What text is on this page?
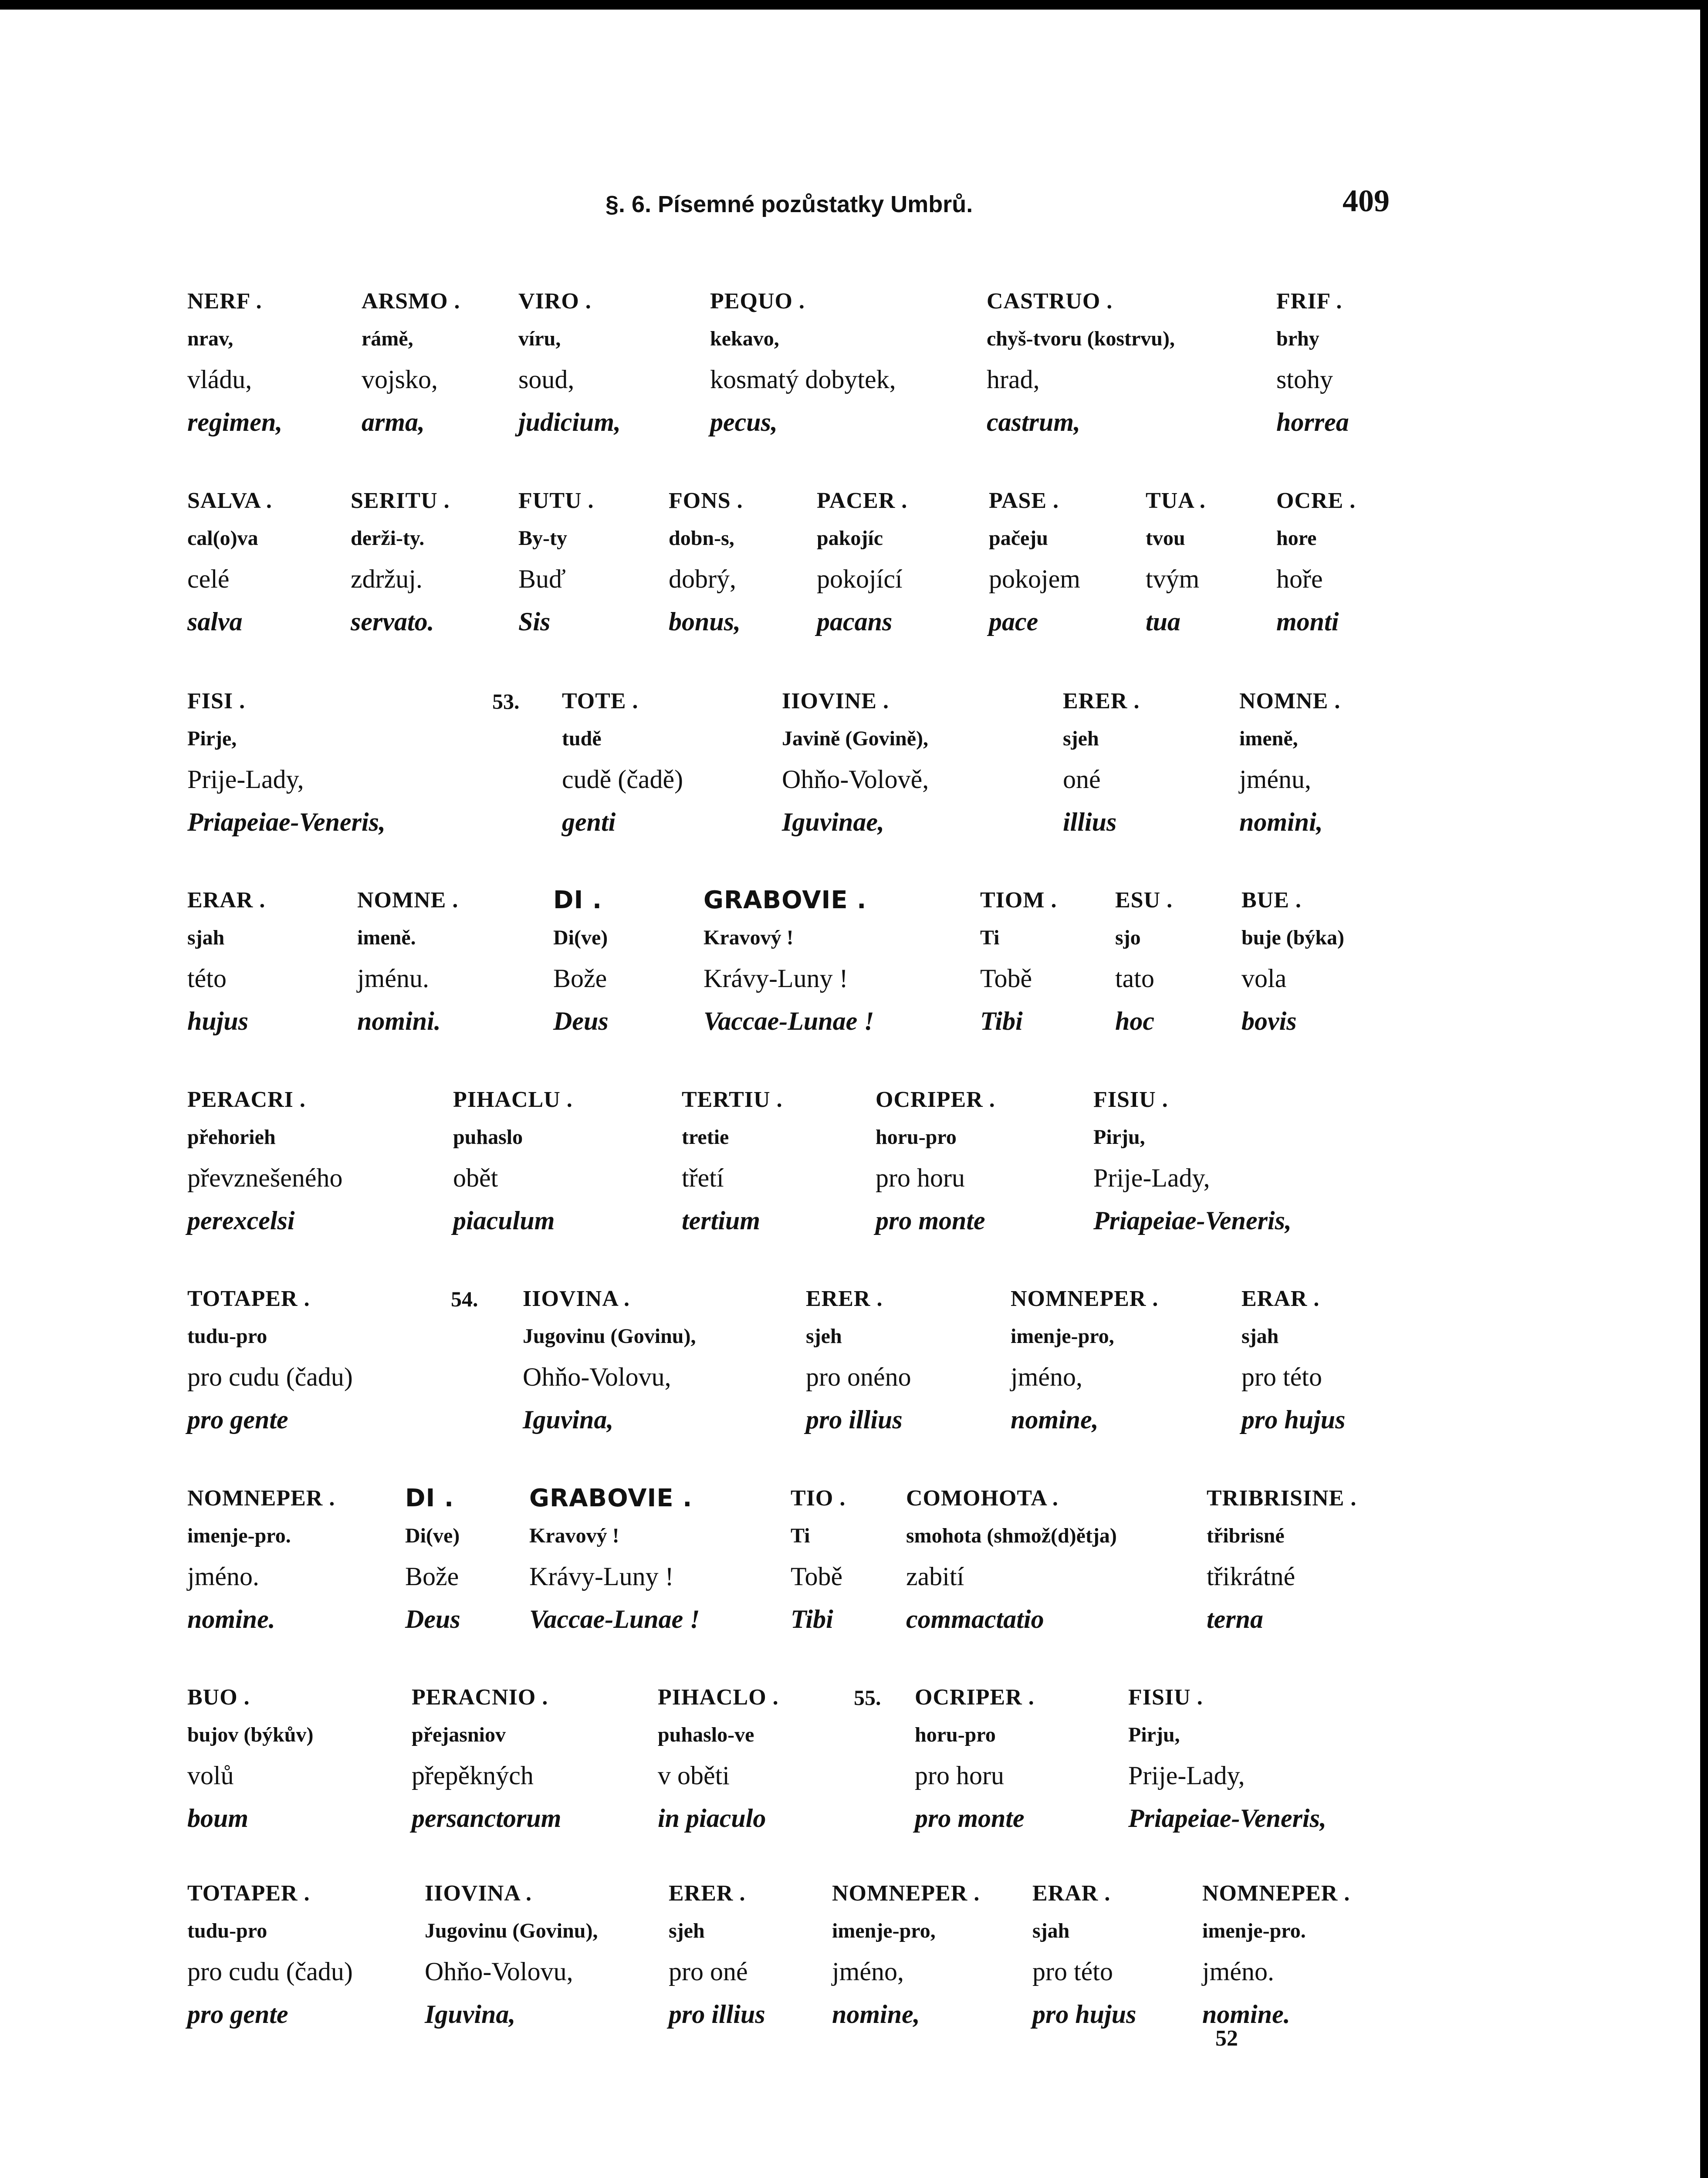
§. 6. Písemné pozůstatky Umbrů.	409
NERF .
nrav,
vládu,
regimen,
ARSMO .
rámě,
vojsko,
arma,
VIRO .
víru,
soud,
judicium,
PEQUO .
kekavo,
kosmatý dobytek,
pecus,
CASTRUO .
chyš-tvoru (kostrvu),
hrad,
castrum,
FRIF .
brhy
stohy
horrea
SALVA .
cal(o)va
celé
salva
SERITU .
derži-ty.
zdržuj.
servato.
FUTU .
By-ty
Buď
Sis
FONS .
dobn-s,
dobrý,
bonus,
PACER .
pakojíc
pokojící
pacans
PASE .
pačeju
pokojem
pace
TUA .
tvou
tvým
tua
OCRE .
hore
hoře
monti
53.
FISI .
Pirje,
Prije-Lady,
Priapeiae-Veneris,
TOTE .
tudě
cudě (čadě)
genti
IIOVINE .
Javině (Govině),
Ohňo-Volově,
Iguvinae,
ERER .
sjeh
oné
illius
NOMNE .
imeně,
jménu,
nomini,
ERAR .
sjah
této
hujus
NOMNE .
imeně.
jménu.
nomini.
DI .
Di(ve)
Bože
Deus
GRABOVIE .
Kravový !
Krávy-Luny !
Vaccae-Lunae !
TIOM .
Ti
Tobě
Tibi
ESU .
sjo
tato
hoc
BUE .
buje (býka)
vola
bovis
PERACRI .
přehorieh
převznešeného
perexcelsi
PIHACLU .
puhaslo
obět
piaculum
TERTIU .
tretie
třetí
tertium
OCRIPER .
horu-pro
pro horu
pro monte
FISIU .
Pirju,
Prije-Lady,
Priapeiae-Veneris,
54.
TOTAPER .
tudu-pro
pro cudu (čadu)
pro gente
IIOVINA .
Jugovinu (Govinu),
Ohňo-Volovu,
Iguvina,
ERER .
sjeh
pro onéno
pro illius
NOMNEPER .
imenje-pro,
jméno,
nomine,
ERAR .
sjah
pro této
pro hujus
NOMNEPER .
imenje-pro.
jméno.
nomine.
DI .
Di(ve)
Bože
Deus
GRABOVIE .
Kravový !
Krávy-Luny !
Vaccae-Lunae !
TIO .
Ti
Tobě
Tibi
COMOHOTA .
smohota (shmož(d)ětja)
zabití
commactatio
TRIBRISINE .
třibrisné
třikrátné
terna
55.
BUO .
bujov (býkův)
volů
boum
PERACNIO .
přejasniov
přepěkných
persanctorum
PIHACLO .
puhaslo-ve
v oběti
in piaculo
OCRIPER .
horu-pro
pro horu
pro monte
FISIU .
Pirju,
Prije-Lady,
Priapeiae-Veneris,
TOTAPER .
tudu-pro
pro cudu (čadu)
pro gente
IIOVINA .
Jugovinu (Govinu),
Ohňo-Volovu,
Iguvina,
ERER .
sjeh
pro oné
pro illius
NOMNEPER .
imenje-pro,
jméno,
nomine,
ERAR .
sjah
pro této
pro hujus
NOMNEPER .
imenje-pro.
jméno.
nomine.
52
